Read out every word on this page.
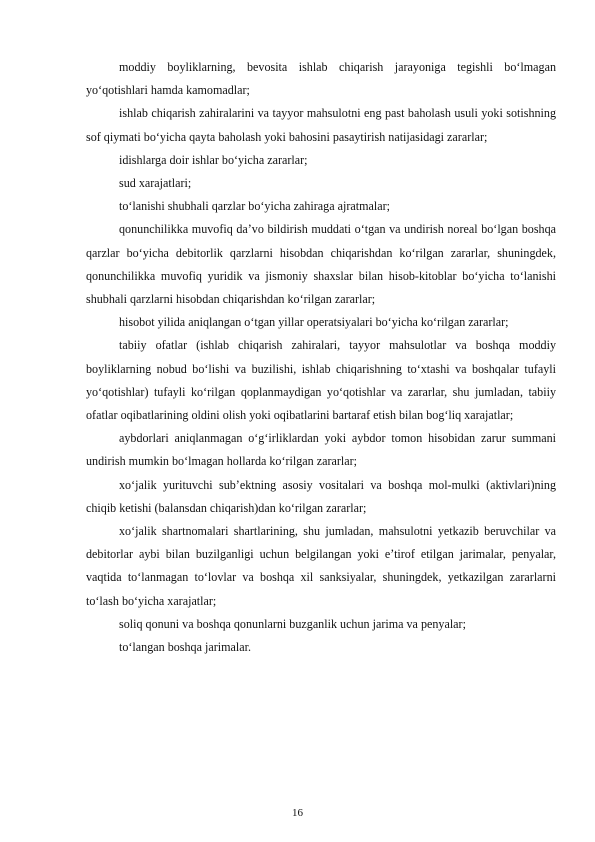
moddiy boyliklarning, bevosita ishlab chiqarish jarayoniga tegishli bo‘lmagan yo‘qotishlari hamda kamomadlar;

ishlab chiqarish zahiralarini va tayyor mahsulotni eng past baholash usuli yoki sotishning sof qiymati bo‘yicha qayta baholash yoki bahosini pasaytirish natijasidagi zararlar;

idishlarga doir ishlar bo‘yicha zararlar;

sud xarajatlari;

to‘lanishi shubhali qarzlar bo‘yicha zahiraga ajratmalar;

qonunchilikka muvofiq da’vo bildirish muddati o‘tgan va undirish noreal bo‘lgan boshqa qarzlar bo‘yicha debitorlik qarzlarni hisobdan chiqarishdan ko‘rilgan zararlar, shuningdek, qonunchilikka muvofiq yuridik va jismoniy shaxslar bilan hisob-kitoblar bo‘yicha to‘lanishi shubhali qarzlarni hisobdan chiqarishdan ko‘rilgan zararlar;

hisobot yilida aniqlangan o‘tgan yillar operatsiyalari bo‘yicha ko‘rilgan zararlar;

tabiiy ofatlar (ishlab chiqarish zahiralari, tayyor mahsulotlar va boshqa moddiy boyliklarning nobud bo‘lishi va buzilishi, ishlab chiqarishning to‘xtashi va boshqalar tufayli yo‘qotishlar) tufayli ko‘rilgan qoplanmaydigan yo‘qotishlar va zararlar, shu jumladan, tabiiy ofatlar oqibatlarining oldini olish yoki oqibatlarini bartaraf etish bilan bog‘liq xarajatlar;

aybdorlari aniqlanmagan o‘g‘irliklardan yoki aybdor tomon hisobidan zarur summani undirish mumkin bo‘lmagan hollarda ko‘rilgan zararlar;

xo‘jalik yurituvchi sub’ektning asosiy vositalari va boshqa mol-mulki (aktivlari)ning chiqib ketishi (balansdan chiqarish)dan ko‘rilgan zararlar;

xo‘jalik shartnomalari shartlarining, shu jumladan, mahsulotni yetkazib beruvchilar va debitorlar aybi bilan buzilganligi uchun belgilangan yoki e’tirof etilgan jarimalar, penyalar, vaqtida to‘lanmagan to‘lovlar va boshqa xil sanksiyalar, shuningdek, yetkazilgan zararlarni to‘lash bo‘yicha xarajatlar;

soliq qonuni va boshqa qonunlarni buzganlik uchun jarima va penyalar;

to‘langan boshqa jarimalar.

16
